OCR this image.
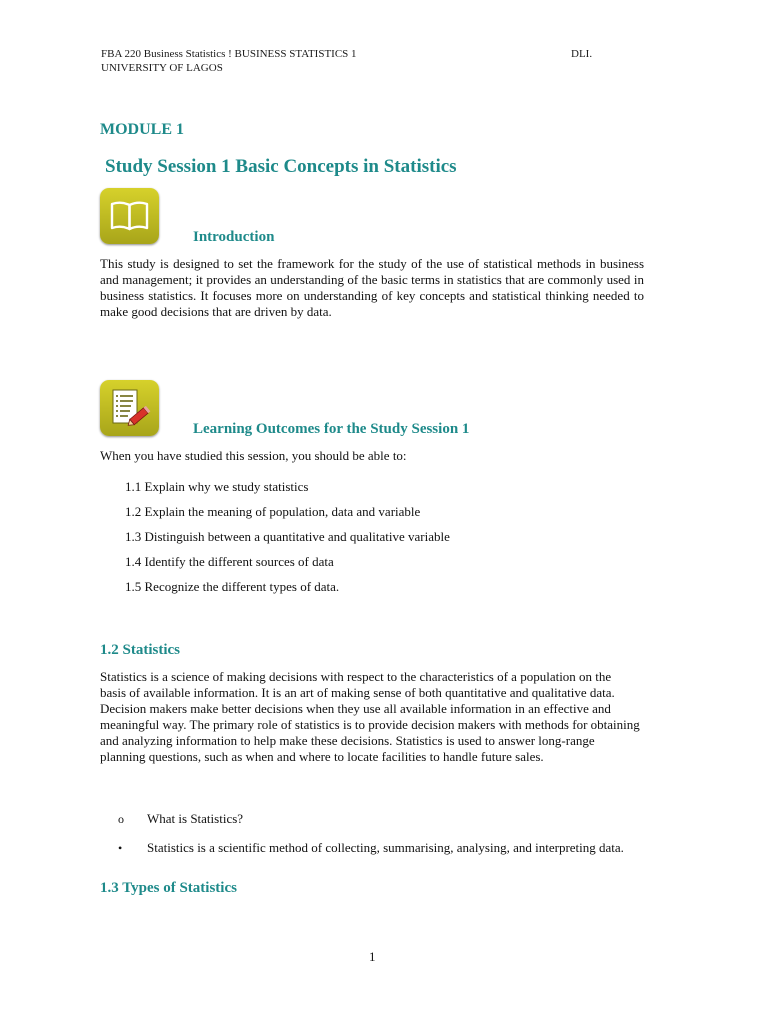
FBA 220 Business Statistics ! BUSINESS STATISTICS 1
UNIVERSITY OF LAGOS
DLI.
MODULE 1
Study Session 1 Basic Concepts in Statistics
Introduction
This study is designed to set the framework for the study of the use of statistical methods in business and management; it provides an understanding of the basic terms in statistics that are commonly used in business statistics. It focuses more on understanding of key concepts and statistical thinking needed to make good decisions that are driven by data.
Learning Outcomes for the Study Session 1
When you have studied this session, you should be able to:
1.1 Explain why we study statistics
1.2 Explain the meaning of population, data and variable
1.3 Distinguish between a quantitative and qualitative variable
1.4 Identify the different sources of data
1.5 Recognize the different types of data.
1.2 Statistics
Statistics is a science of making decisions with respect to the characteristics of a population on the basis of available information. It is an art of making sense of both quantitative and qualitative data. Decision makers make better decisions when they use all available information in an effective and meaningful way. The primary role of statistics is to provide decision makers with methods for obtaining and analyzing information to help make these decisions. Statistics is used to answer long-range planning questions, such as when and where to locate facilities to handle future sales.
o What is Statistics?
• Statistics is a scientific method of collecting, summarising, analysing, and interpreting data.
1.3 Types of Statistics
1
